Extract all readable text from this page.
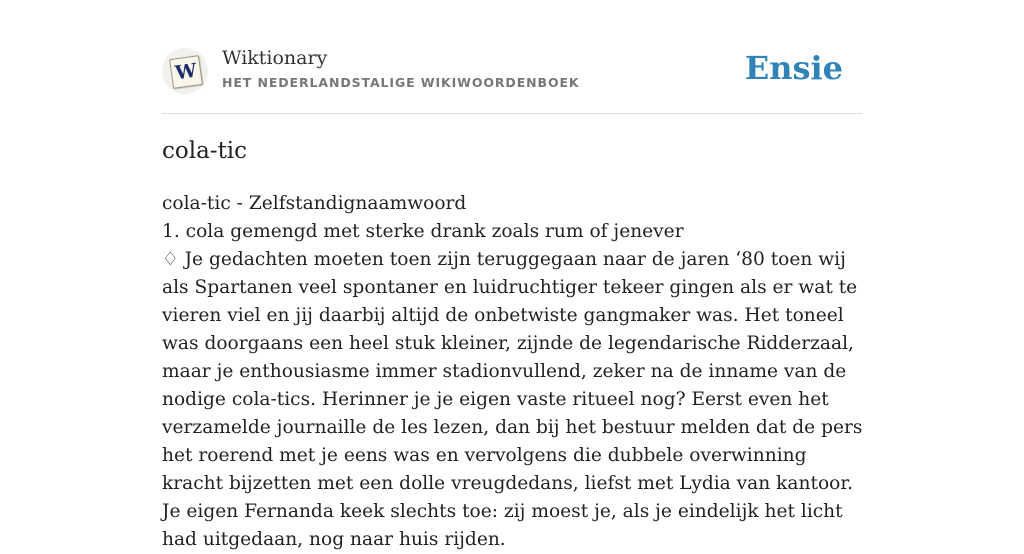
W
Wiktionary
HET NEDERLANDSTALIGE WIKIWOORDENBOEK	Ensie
cola-tic

cola-tic - Zelfstandignaamwoord

1. cola gemengd met sterke drank zoals rum of jenever

♢ Je gedachten moeten toen zijn teruggegaan naar de jaren ‘80 toen wij als Spartanen veel spontaner en luidruchtiger tekeer gingen als er wat te vieren viel en jij daarbij altijd de onbetwiste gangmaker was. Het toneel was doorgaans een heel stuk kleiner, zijnde de legendarische Ridderzaal, maar je enthousiasme immer stadionvullend, zeker na de inname van de nodige cola-tics. Herinner je je eigen vaste ritueel nog? Eerst even het verzamelde journaille de les lezen, dan bij het bestuur melden dat de pers het roerend met je eens was en vervolgens die dubbele overwinning kracht bijzetten met een dolle vreugdedans, liefst met Lydia van kantoor. Je eigen Fernanda keek slechts toe: zij moest je, als je eindelijk het licht had uitgedaan, nog naar huis rijden.
